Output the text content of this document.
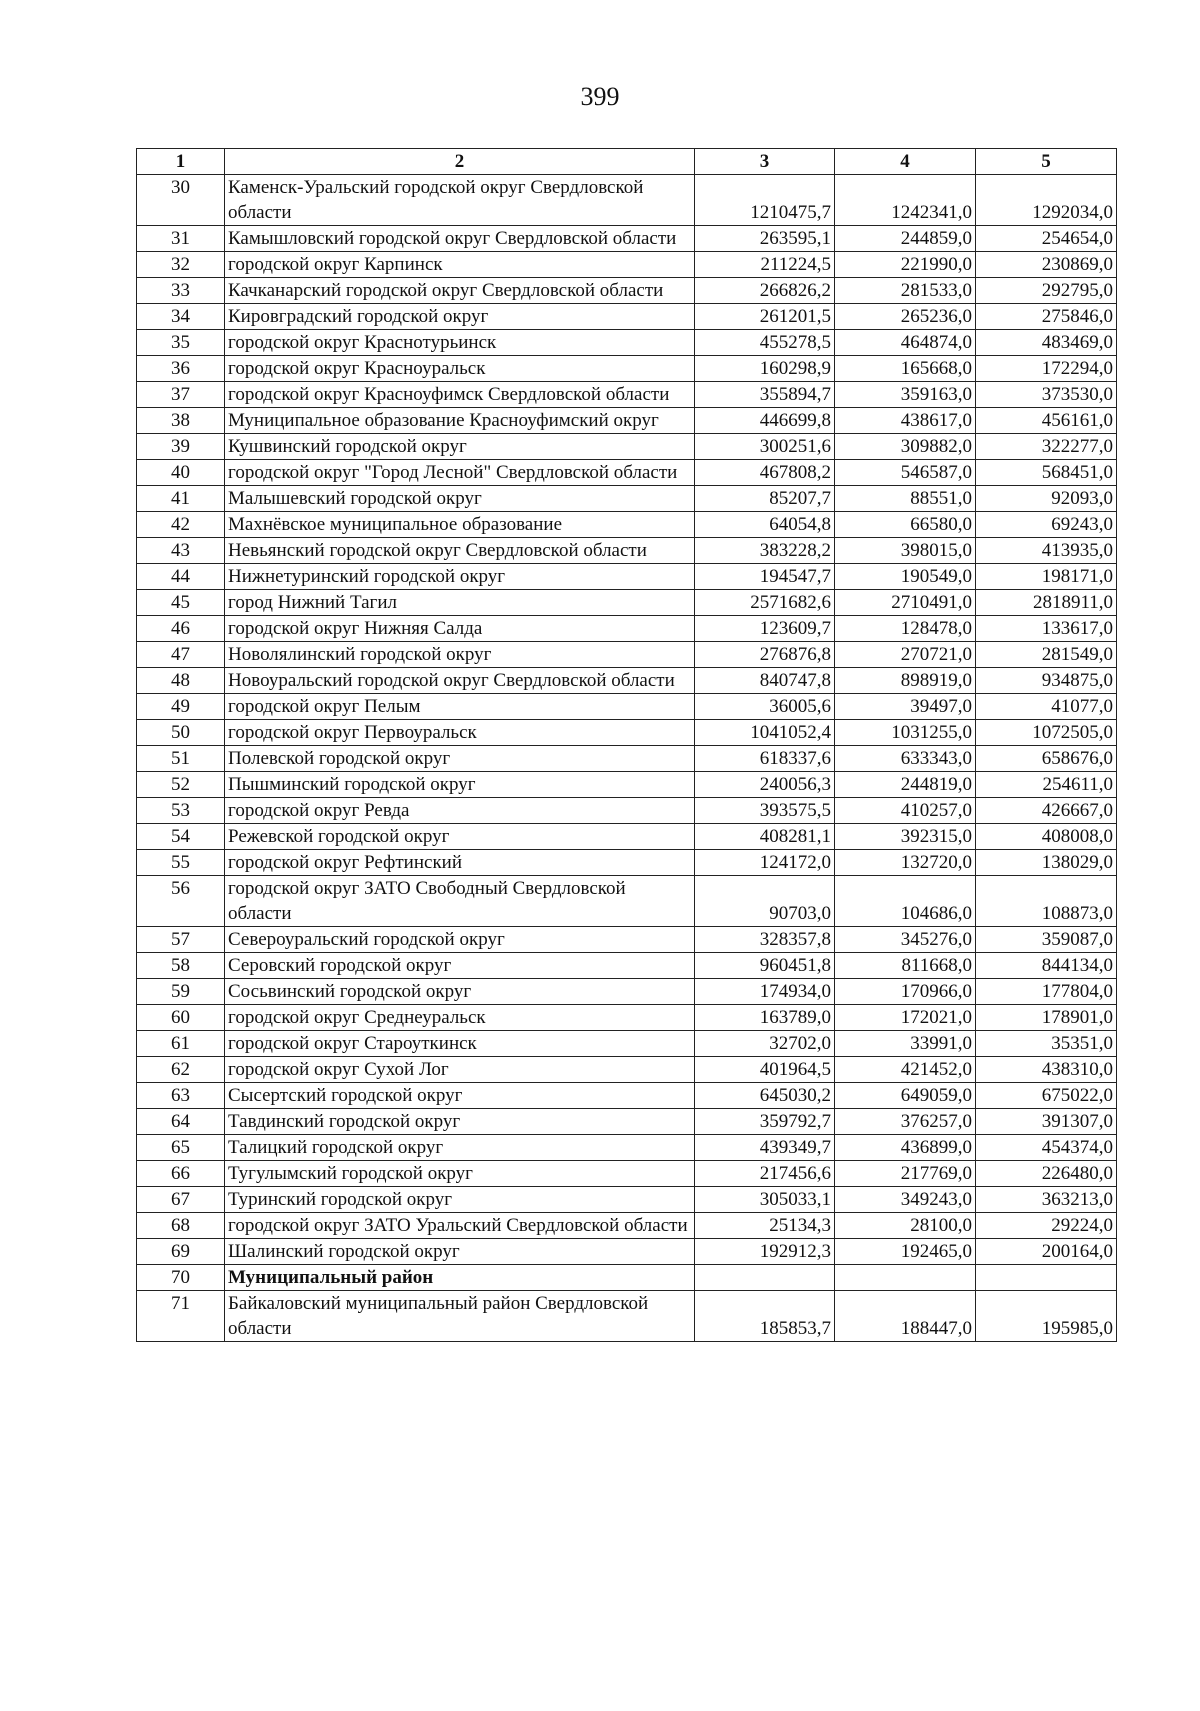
399
1	2	3	4	5
30	Каменск-Уральский городской округ Свердловской области	1210475,7	1242341,0	1292034,0
31	Камышловский городской округ Свердловской области	263595,1	244859,0	254654,0
32	городской округ Карпинск	211224,5	221990,0	230869,0
33	Качканарский городской округ Свердловской области	266826,2	281533,0	292795,0
34	Кировградский городской округ	261201,5	265236,0	275846,0
35	городской округ Краснотурьинск	455278,5	464874,0	483469,0
36	городской округ Красноуральск	160298,9	165668,0	172294,0
37	городской округ Красноуфимск Свердловской области	355894,7	359163,0	373530,0
38	Муниципальное образование Красноуфимский округ	446699,8	438617,0	456161,0
39	Кушвинский городской округ	300251,6	309882,0	322277,0
40	городской округ "Город Лесной" Свердловской области	467808,2	546587,0	568451,0
41	Малышевский городской округ	85207,7	88551,0	92093,0
42	Махнёвское муниципальное образование	64054,8	66580,0	69243,0
43	Невьянский городской округ Свердловской области	383228,2	398015,0	413935,0
44	Нижнетуринский городской округ	194547,7	190549,0	198171,0
45	город Нижний Тагил	2571682,6	2710491,0	2818911,0
46	городской округ Нижняя Салда	123609,7	128478,0	133617,0
47	Новолялинский городской округ	276876,8	270721,0	281549,0
48	Новоуральский городской округ Свердловской области	840747,8	898919,0	934875,0
49	городской округ Пелым	36005,6	39497,0	41077,0
50	городской округ Первоуральск	1041052,4	1031255,0	1072505,0
51	Полевской городской округ	618337,6	633343,0	658676,0
52	Пышминский городской округ	240056,3	244819,0	254611,0
53	городской округ Ревда	393575,5	410257,0	426667,0
54	Режевской городской округ	408281,1	392315,0	408008,0
55	городской округ Рефтинский	124172,0	132720,0	138029,0
56	городской округ ЗАТО Свободный Свердловской области	90703,0	104686,0	108873,0
57	Североуральский городской округ	328357,8	345276,0	359087,0
58	Серовский городской округ	960451,8	811668,0	844134,0
59	Сосьвинский городской округ	174934,0	170966,0	177804,0
60	городской округ Среднеуральск	163789,0	172021,0	178901,0
61	городской округ Староуткинск	32702,0	33991,0	35351,0
62	городской округ Сухой Лог	401964,5	421452,0	438310,0
63	Сысертский городской округ	645030,2	649059,0	675022,0
64	Тавдинский городской округ	359792,7	376257,0	391307,0
65	Талицкий городской округ	439349,7	436899,0	454374,0
66	Тугулымский городской округ	217456,6	217769,0	226480,0
67	Туринский городской округ	305033,1	349243,0	363213,0
68	городской округ ЗАТО Уральский Свердловской области	25134,3	28100,0	29224,0
69	Шалинский городской округ	192912,3	192465,0	200164,0
70	Муниципальный район			
71	Байкаловский муниципальный район Свердловской области	185853,7	188447,0	195985,0
